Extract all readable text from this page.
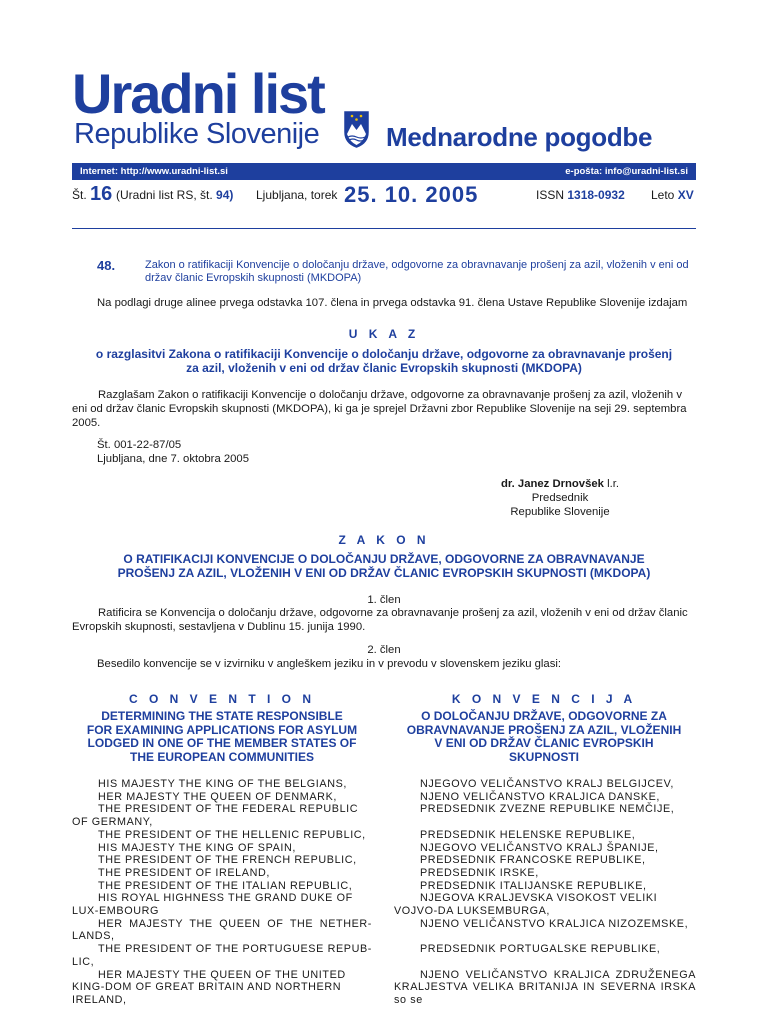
Uradni list
Republike Slovenije	Mednarodne pogodbe
Internet: http://www.uradni-list.si	e-pošta: info@uradni-list.si
Št. 16 (Uradni list RS, št. 94) Ljubljana, torek 25. 10. 2005	ISSN 1318-0932 Leto XV
48.	Zakon o ratifikaciji Konvencije o določanju države, odgovorne za obravnavanje prošenj za azil, vloženih v eni od držav članic Evropskih skupnosti (MKDOPA)
Na podlagi druge alinee prvega odstavka 107. člena in prvega odstavka 91. člena Ustave Republike Slovenije izdajam
U K A Z
o razglasitvi Zakona o ratifikaciji Konvencije o določanju države, odgovorne za obravnavanje prošenj
za azil, vloženih v eni od držav članic Evropskih skupnosti (MKDOPA)
Razglašam Zakon o ratifikaciji Konvencije o določanju države, odgovorne za obravnavanje prošenj za azil, vloženih v eni od držav članic Evropskih skupnosti (MKDOPA), ki ga je sprejel Državni zbor Republike Slovenije na seji 29. septembra 2005.
Št. 001-22-87/05
Ljubljana, dne 7. oktobra 2005
dr. Janez Drnovšek l.r.
Predsednik
Republike Slovenije
Z A K O N
O RATIFIKACIJI KONVENCIJE O DOLOČANJU DRŽAVE, ODGOVORNE ZA OBRAVNAVANJE
PROŠENJ ZA AZIL, VLOŽENIH V ENI OD DRŽAV ČLANIC EVROPSKIH SKUPNOSTI (MKDOPA)
1. člen
Ratificira se Konvencija o določanju države, odgovorne za obravnavanje prošenj za azil, vloženih v eni od držav članic Evropskih skupnosti, sestavljena v Dublinu 15. junija 1990.
2. člen
Besedilo konvencije se v izvirniku v angleškem jeziku in v prevodu v slovenskem jeziku glasi:
C O N V E N T I O N
DETERMINING THE STATE RESPONSIBLE
FOR EXAMINING APPLICATIONS FOR ASYLUM
LODGED IN ONE OF THE MEMBER STATES OF
THE EUROPEAN COMMUNITIES
HIS MAJESTY THE KING OF THE BELGIANS,
HER MAJESTY THE QUEEN OF DENMARK,
THE PRESIDENT OF THE FEDERAL REPUBLIC OF GERMANY,
THE PRESIDENT OF THE HELLENIC REPUBLIC,
HIS MAJESTY THE KING OF SPAIN,
THE PRESIDENT OF THE FRENCH REPUBLIC,
THE PRESIDENT OF IRELAND,
THE PRESIDENT OF THE ITALIAN REPUBLIC,
HIS ROYAL HIGHNESS THE GRAND DUKE OF LUX-EMBOURG
HER MAJESTY THE QUEEN OF THE NETHER-LANDS,
THE PRESIDENT OF THE PORTUGUESE REPUB-LIC,
HER MAJESTY THE QUEEN OF THE UNITED KING-DOM OF GREAT BRITAIN AND NORTHERN IRELAND,
K O N V E N C I J A
O DOLOČANJU DRŽAVE, ODGOVORNE ZA
OBRAVNAVANJE PROŠENJ ZA AZIL, VLOŽENIH
V ENI OD DRŽAV ČLANIC EVROPSKIH
SKUPNOSTI
NJEGOVO VELIČANSTVO KRALJ BELGIJCEV,
NJENO VELIČANSTVO KRALJICA DANSKE,
PREDSEDNIK ZVEZNE REPUBLIKE NEMČIJE,
PREDSEDNIK HELENSKE REPUBLIKE,
NJEGOVO VELIČANSTVO KRALJ ŠPANIJE,
PREDSEDNIK FRANCOSKE REPUBLIKE,
PREDSEDNIK IRSKE,
PREDSEDNIK ITALIJANSKE REPUBLIKE,
NJEGOVA KRALJEVSKA VISOKOST VELIKI VOJVO-DA LUKSEMBURGA,
NJENO VELIČANSTVO KRALJICA NIZOZEMSKE,
PREDSEDNIK PORTUGALSKE REPUBLIKE,
NJENO VELIČANSTVO KRALJICA ZDRUŽENEGA KRALJESTVA VELIKA BRITANIJA IN SEVERNA IRSKA so se
